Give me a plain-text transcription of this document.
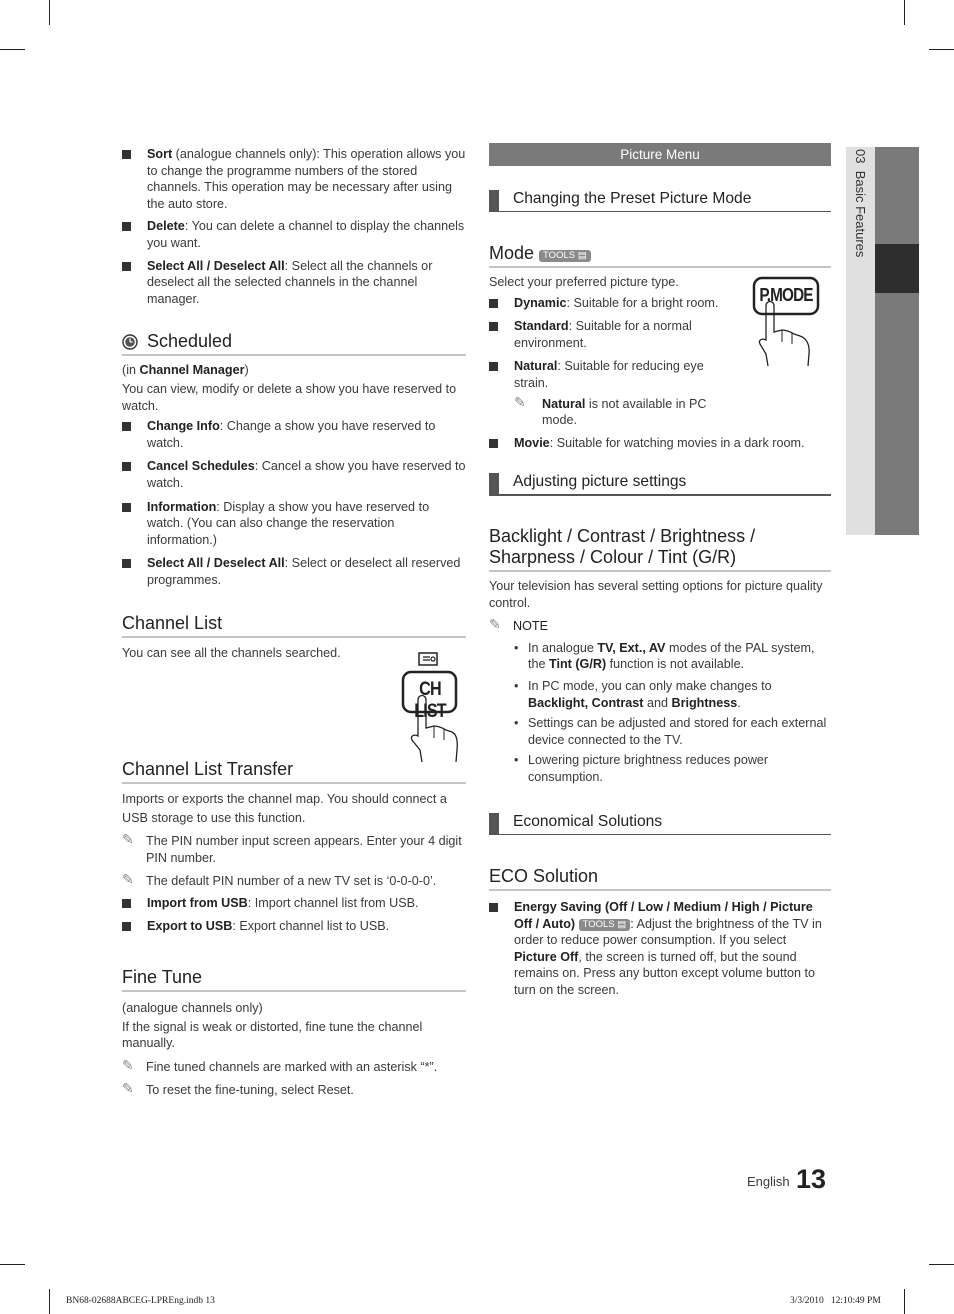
03  Basic Features
Sort (analogue channels only): This operation allows you to change the programme numbers of the stored channels. This operation may be necessary after using the auto store.
Delete: You can delete a channel to display the channels you want.
Select All / Deselect All: Select all the channels or deselect all the selected channels in the channel manager.
Scheduled
(in Channel Manager)
You can view, modify or delete a show you have reserved to watch.
Change Info: Change a show you have reserved to watch.
Cancel Schedules: Cancel a show you have reserved to watch.
Information: Display a show you have reserved to watch. (You can also change the reservation information.)
Select All / Deselect All: Select or deselect all reserved programmes.
Channel List
You can see all the channels searched.
CH LIST
Channel List Transfer
Imports or exports the channel map. You should connect a USB storage to use this function.
✎ The PIN number input screen appears. Enter your 4 digit PIN number.
✎ The default PIN number of a new TV set is ‘0-0-0-0’.
Import from USB: Import channel list from USB.
Export to USB: Export channel list to USB.
Fine Tune
(analogue channels only)
If the signal is weak or distorted, fine tune the channel manually.
✎ Fine tuned channels are marked with an asterisk “*”.
✎ To reset the fine-tuning, select Reset.
Picture Menu
Changing the Preset Picture Mode
Mode TOOLS ▤
Select your preferred picture type.
Dynamic: Suitable for a bright room.
Standard: Suitable for a normal environment.
Natural: Suitable for reducing eye strain.
✎ Natural is not available in PC mode.
Movie: Suitable for watching movies in a dark room.
P.MODE
Adjusting picture settings
Backlight / Contrast / Brightness / Sharpness / Colour / Tint (G/R)
Your television has several setting options for picture quality control.
✎ NOTE
• In analogue TV, Ext., AV modes of the PAL system, the Tint (G/R) function is not available.
• In PC mode, you can only make changes to Backlight, Contrast and Brightness.
• Settings can be adjusted and stored for each external device connected to the TV.
• Lowering picture brightness reduces power consumption.
Economical Solutions
ECO Solution
Energy Saving (Off / Low / Medium / High / Picture Off / Auto) TOOLS ▤ : Adjust the brightness of the TV in order to reduce power consumption. If you select Picture Off, the screen is turned off, but the sound remains on. Press any button except volume button to turn on the screen.
English 13
BN68-02688ABCEG-LPREng.indb 13	3/3/2010   12:10:49 PM
